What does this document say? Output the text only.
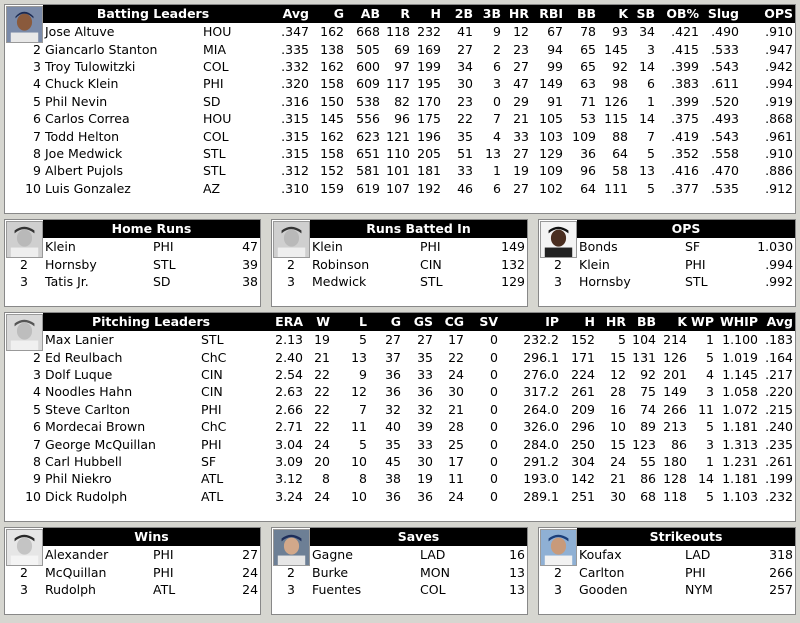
	Batting Leaders		Avg	G	AB	R	H	2B	3B	HR	RBI	BB	K	SB	OB%	Slug	OPS
	Jose Altuve	HOU	.347	162	668	118	232	41	9	12	67	78	93	34	.421	.490	.910
2	Giancarlo Stanton	MIA	.335	138	505	69	169	27	2	23	94	65	145	3	.415	.533	.947
3	Troy Tulowitzki	COL	.332	162	600	97	199	34	6	27	99	65	92	14	.399	.543	.942
4	Chuck Klein	PHI	.320	158	609	117	195	30	3	47	149	63	98	6	.383	.611	.994
5	Phil Nevin	SD	.316	150	538	82	170	23	0	29	91	71	126	1	.399	.520	.919
6	Carlos Correa	HOU	.315	145	556	96	175	22	7	21	105	53	115	14	.375	.493	.868
7	Todd Helton	COL	.315	162	623	121	196	35	4	33	103	109	88	7	.419	.543	.961
8	Joe Medwick	STL	.315	158	651	110	205	51	13	27	129	36	64	5	.352	.558	.910
9	Albert Pujols	STL	.312	152	581	101	181	33	1	19	109	96	58	13	.416	.470	.886
10	Luis Gonzalez	AZ	.310	159	619	107	192	46	6	27	102	64	111	5	.377	.535	.912
	Home Runs		
	Klein	PHI	47
2	Hornsby	STL	39
3	Tatis Jr.	SD	38
	Runs Batted In		
	Klein	PHI	149
2	Robinson	CIN	132
3	Medwick	STL	129
	OPS		
	Bonds	SF	1.030
2	Klein	PHI	.994
3	Hornsby	STL	.992
	Pitching Leaders		ERA	W	L	G	GS	CG	SV	IP	H	HR	BB	K	WP	WHIP	Avg
	Max Lanier	STL	2.13	19	5	27	27	17	0	232.2	152	5	104	214	1	1.100	.183
2	Ed Reulbach	ChC	2.40	21	13	37	35	22	0	296.1	171	15	131	126	5	1.019	.164
3	Dolf Luque	CIN	2.54	22	9	36	33	24	0	276.0	224	12	92	201	4	1.145	.217
4	Noodles Hahn	CIN	2.63	22	12	36	36	30	0	317.2	261	28	75	149	3	1.058	.220
5	Steve Carlton	PHI	2.66	22	7	32	32	21	0	264.0	209	16	74	266	11	1.072	.215
6	Mordecai Brown	ChC	2.71	22	11	40	39	28	0	326.0	296	10	89	213	5	1.181	.240
7	George McQuillan	PHI	3.04	24	5	35	33	25	0	284.0	250	15	123	86	3	1.313	.235
8	Carl Hubbell	SF	3.09	20	10	45	30	17	0	291.2	304	24	55	180	1	1.231	.261
9	Phil Niekro	ATL	3.12	8	8	38	19	11	0	193.0	142	21	86	128	14	1.181	.199
10	Dick Rudolph	ATL	3.24	24	10	36	36	24	0	289.1	251	30	68	118	5	1.103	.232
	Wins		
	Alexander	PHI	27
2	McQuillan	PHI	24
3	Rudolph	ATL	24
	Saves		
	Gagne	LAD	16
2	Burke	MON	13
3	Fuentes	COL	13
	Strikeouts		
	Koufax	LAD	318
2	Carlton	PHI	266
3	Gooden	NYM	257
